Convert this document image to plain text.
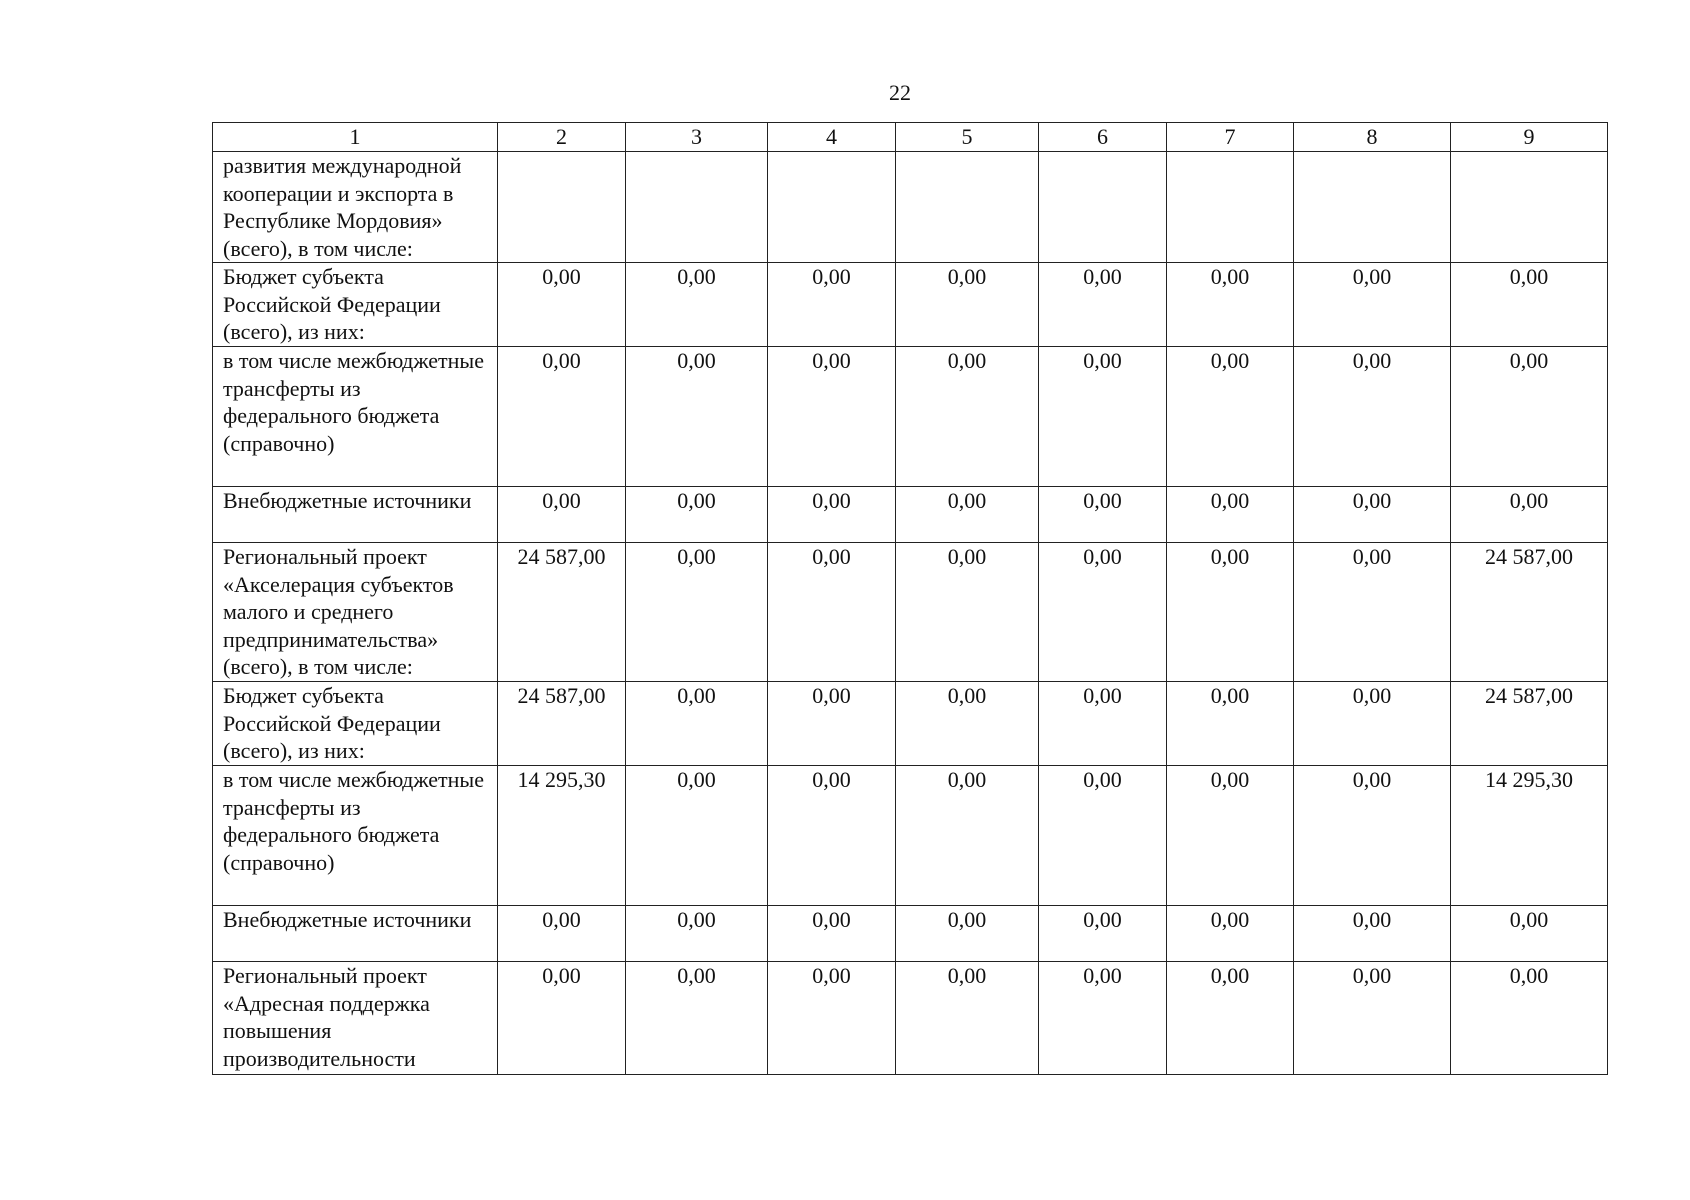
22
1	2	3	4	5	6	7	8	9
развития международной кооперации и экспорта в Республике Мордовия» (всего), в том числе:								
Бюджет субъекта Российской Федерации (всего), из них:	0,00	0,00	0,00	0,00	0,00	0,00	0,00	0,00
в том числе межбюджетные трансферты из федерального бюджета (справочно)	0,00	0,00	0,00	0,00	0,00	0,00	0,00	0,00
Внебюджетные источники	0,00	0,00	0,00	0,00	0,00	0,00	0,00	0,00
Региональный проект «Акселерация субъектов малого и среднего предпринимательства» (всего), в том числе:	24 587,00	0,00	0,00	0,00	0,00	0,00	0,00	24 587,00
Бюджет субъекта Российской Федерации (всего), из них:	24 587,00	0,00	0,00	0,00	0,00	0,00	0,00	24 587,00
в том числе межбюджетные трансферты из федерального бюджета (справочно)	14 295,30	0,00	0,00	0,00	0,00	0,00	0,00	14 295,30
Внебюджетные источники	0,00	0,00	0,00	0,00	0,00	0,00	0,00	0,00
Региональный проект «Адресная поддержка повышения производительности	0,00	0,00	0,00	0,00	0,00	0,00	0,00	0,00
